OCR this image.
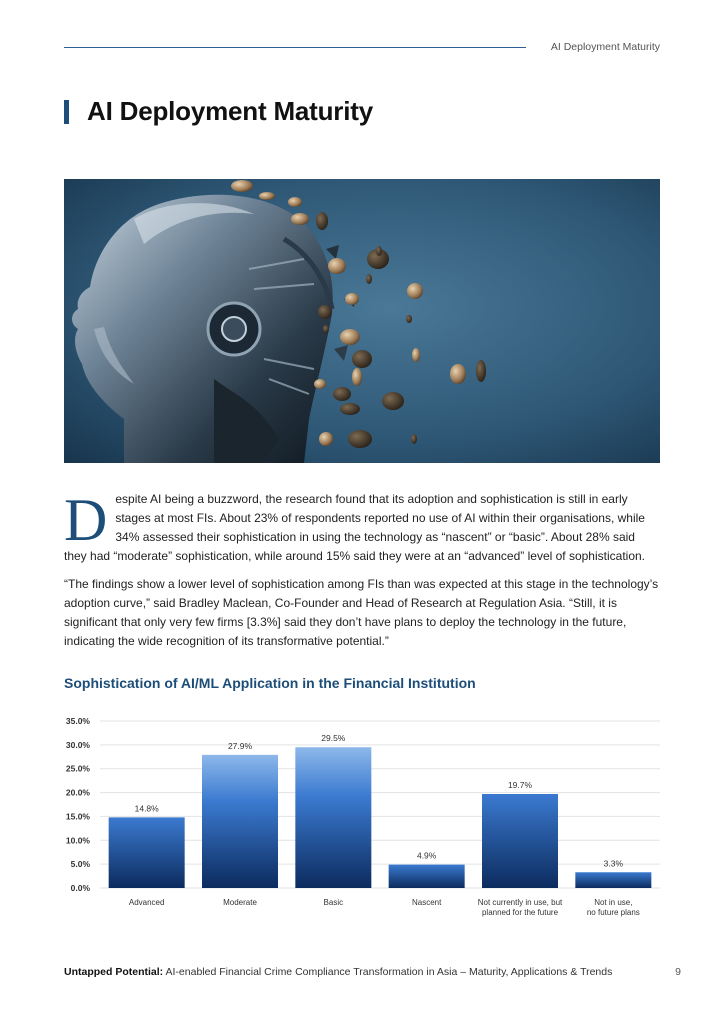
AI Deployment Maturity
AI Deployment Maturity

Despite AI being a buzzword, the research found that its adoption and sophistication is still in early stages at most FIs. About 23% of respondents reported no use of AI within their organisations, while 34% assessed their sophistication in using the technology as “nascent” or “basic”. About 28% said they had “moderate” sophistication, while around 15% said they were at an “advanced” level of sophistication.

“The findings show a lower level of sophistication among FIs than was expected at this stage in the technology’s adoption curve,” said Bradley Maclean, Co-Founder and Head of Research at Regulation Asia. “Still, it is significant that only very few firms [3.3%] said they don’t have plans to deploy the technology in the future, indicating the wide recognition of its transformative potential.”

Sophistication of AI/ML Application in the Financial Institution
0.0%
5.0%
10.0%
15.0%
20.0%
25.0%
30.0%
35.0%
14.8%
Advanced
27.9%
Moderate
29.5%
Basic
4.9%
Nascent
19.7%
Not currently in use, but
planned for the future
3.3%
Not in use,
no future plans
Untapped Potential: AI-enabled Financial Crime Compliance Transformation in Asia – Maturity, Applications & Trends	9
